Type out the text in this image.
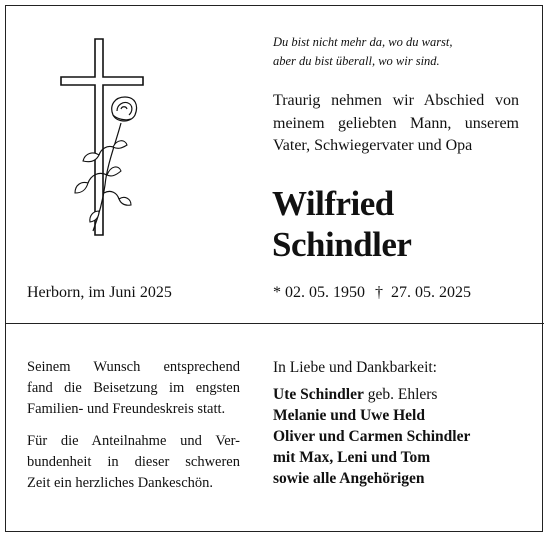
Du bist nicht mehr da, wo du warst,
aber du bist überall, wo wir sind.
Traurig nehmen wir Abschied von
meinem geliebten Mann, unserem
Vater, Schwiegervater und Opa
Wilfried
Schindler
Herborn, im Juni 2025	* 02. 05. 1950 † 27. 05. 2025
Seinem Wunsch entsprechend
fand die Beisetzung im engsten
Familien- und Freundeskreis statt.
Für die Anteilnahme und Ver-
bundenheit in dieser schweren
Zeit ein herzliches Dankeschön.
In Liebe und Dankbarkeit:
Ute Schindler geb. Ehlers
Melanie und Uwe Held
Oliver und Carmen Schindler
mit Max, Leni und Tom
sowie alle Angehörigen
